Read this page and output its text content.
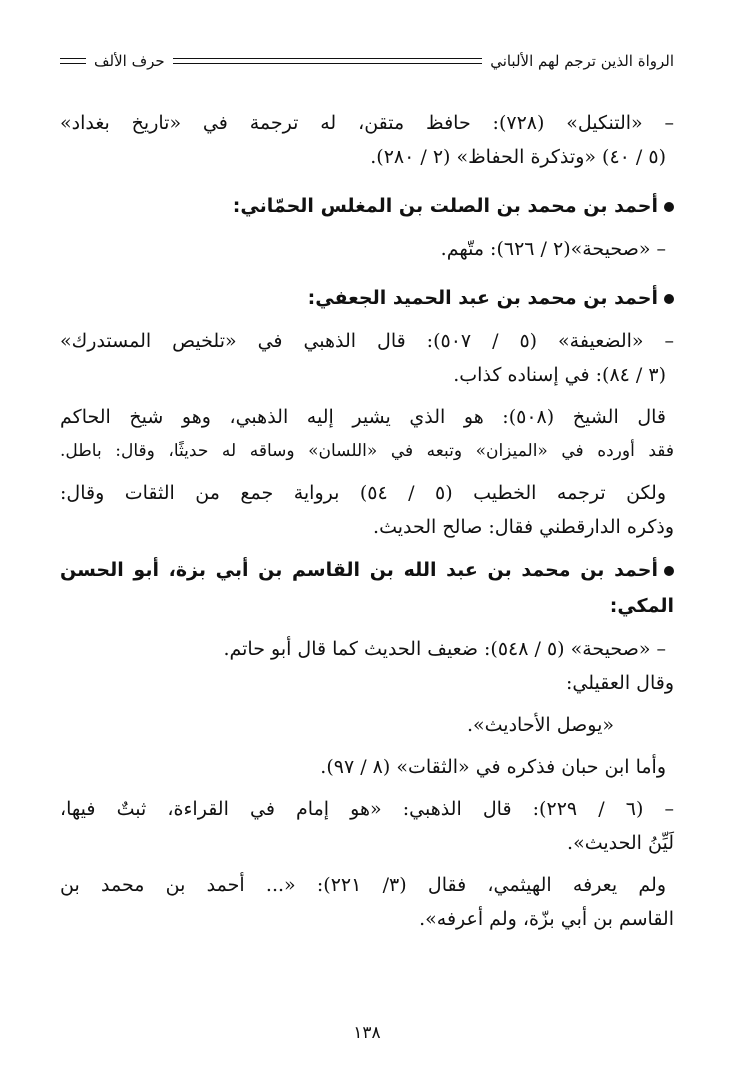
الرواة الذين ترجم لهم الألباني
حرف الألف
– «التنكيل» (٧٢٨): حافظ متقن، له ترجمة في «تاريخ بغداد»
(٥ / ٤٠) «وتذكرة الحفاظ» (٢ / ٢٨٠).
أحمد بن محمد بن الصلت بن المغلس الحمّاني:
– «صحيحة»(٢ / ٦٢٦): متّهم.
أحمد بن محمد بن عبد الحميد الجعفي:
– «الضعيفة» (٥ / ٥٠٧): قال الذهبي في «تلخيص المستدرك»
(٣ / ٨٤): في إسناده كذاب.
قال الشيخ (٥٠٨): هو الذي يشير إليه الذهبي، وهو شيخ الحاكم
فقد أورده في «الميزان» وتبعه في «اللسان» وساقه له حديثًا، وقال: باطل.
ولكن ترجمه الخطيب (٥ / ٥٤) برواية جمع من الثقات وقال:
وذكره الدارقطني فقال: صالح الحديث.
أحمد بن محمد بن عبد الله بن القاسم بن أبي بزة، أبو الحسن
المكي:
– «صحيحة» (٥ / ٥٤٨): ضعيف الحديث كما قال أبو حاتم.
وقال العقيلي:
«يوصل الأحاديث».
وأما ابن حبان فذكره في «الثقات» (٨ / ٩٧).
– (٦ / ٢٢٩): قال الذهبي: «هو إمام في القراءة، ثبتٌ فيها،
لَيِّنُ الحديث».
ولم يعرفه الهيثمي، فقال (٣/ ٢٢١): «... أحمد بن محمد بن
القاسم بن أبي بزّة، ولم أعرفه».
١٣٨
